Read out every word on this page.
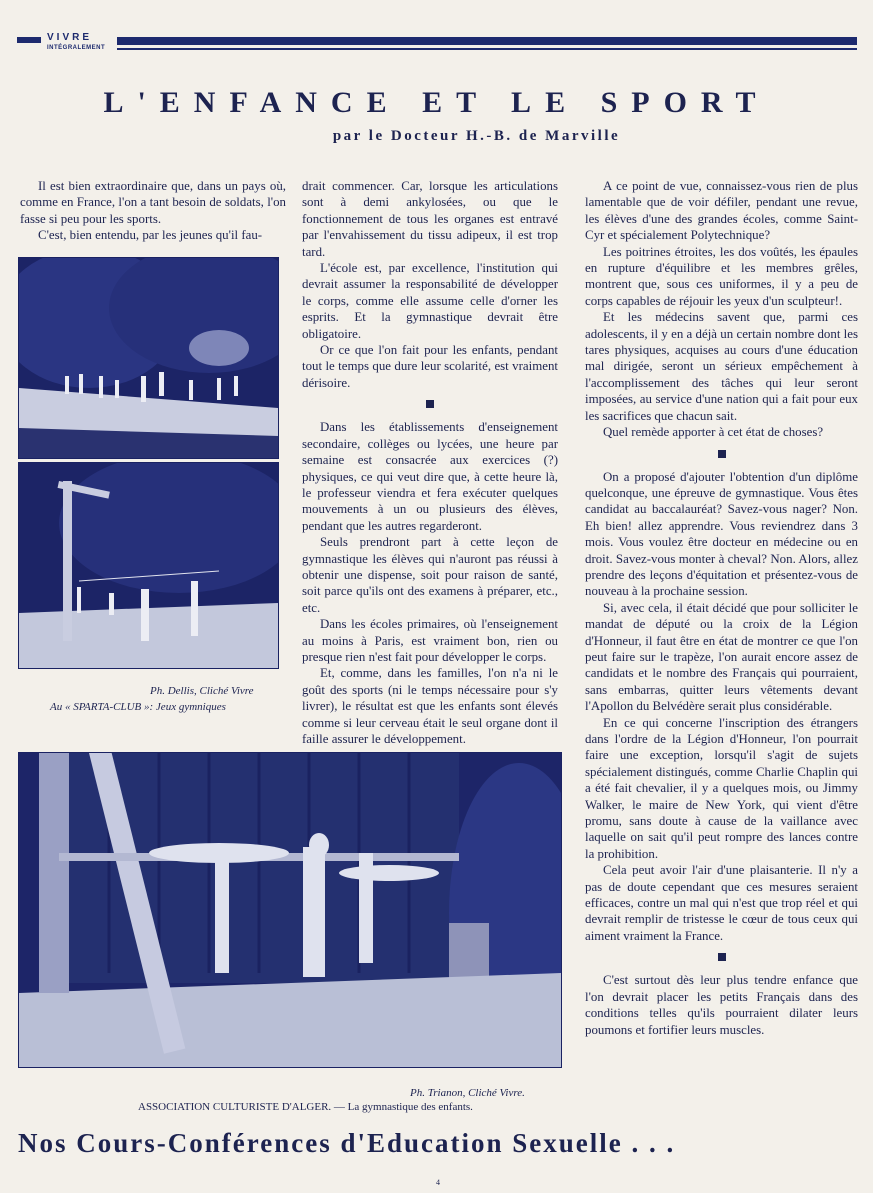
VIVRE
INTÉGRALEMENT
L'ENFANCE ET LE SPORT
par le Docteur H.-B. de Marville

Il est bien extraordinaire que, dans un pays où, comme en France, l'on a tant besoin de soldats, l'on fasse si peu pour les sports.

C'est, bien entendu, par les jeunes qu'il fau-

Ph. Dellis, Cliché Vivre
Au « SPARTA-CLUB »: Jeux gymniques

drait commencer. Car, lorsque les articulations sont à demi ankylosées, ou que le fonctionnement de tous les organes est entravé par l'envahissement du tissu adipeux, il est trop tard.

L'école est, par excellence, l'institution qui devrait assumer la responsabilité de développer le corps, comme elle assume celle d'orner les esprits. Et la gymnastique devrait être obligatoire.

Or ce que l'on fait pour les enfants, pendant tout le temps que dure leur scolarité, est vraiment dérisoire.

Dans les établissements d'enseignement secondaire, collèges ou lycées, une heure par semaine est consacrée aux exercices (?) physiques, ce qui veut dire que, à cette heure là, le professeur viendra et fera exécuter quelques mouvements à un ou plusieurs des élèves, pendant que les autres regarderont.

Seuls prendront part à cette leçon de gymnastique les élèves qui n'auront pas réussi à obtenir une dispense, soit pour raison de santé, soit parce qu'ils ont des examens à préparer, etc., etc.

Dans les écoles primaires, où l'enseignement au moins à Paris, est vraiment bon, rien ou presque rien n'est fait pour développer le corps.

Et, comme, dans les familles, l'on n'a ni le goût des sports (ni le temps nécessaire pour s'y livrer), le résultat est que les enfants sont élevés comme si leur cerveau était le seul organe dont il faille assurer le développement.

Ph. Trianon, Cliché Vivre.
ASSOCIATION CULTURISTE D'ALGER. — La gymnastique des enfants.

A ce point de vue, connaissez-vous rien de plus lamentable que de voir défiler, pendant une revue, les élèves d'une des grandes écoles, comme Saint-Cyr et spécialement Polytechnique?

Les poitrines étroites, les dos voûtés, les épaules en rupture d'équilibre et les membres grêles, montrent que, sous ces uniformes, il y a peu de corps capables de réjouir les yeux d'un sculpteur!.

Et les médecins savent que, parmi ces adolescents, il y en a déjà un certain nombre dont les tares physiques, acquises au cours d'une éducation mal dirigée, seront un sérieux empêchement à l'accomplissement des tâches qui leur seront imposées, au service d'une nation qui a fait pour eux les sacrifices que chacun sait.

Quel remède apporter à cet état de choses?

On a proposé d'ajouter l'obtention d'un diplôme quelconque, une épreuve de gymnastique. Vous êtes candidat au baccalauréat? Savez-vous nager? Non. Eh bien! allez apprendre. Vous reviendrez dans 3 mois. Vous voulez être docteur en médecine ou en droit. Savez-vous monter à cheval? Non. Alors, allez prendre des leçons d'équitation et présentez-vous de nouveau à la prochaine session.

Si, avec cela, il était décidé que pour solliciter le mandat de député ou la croix de la Légion d'Honneur, il faut être en état de montrer ce que l'on peut faire sur le trapèze, l'on aurait encore assez de candidats et le nombre des Français qui pourraient, sans embarras, quitter leurs vêtements devant l'Apollon du Belvédère serait plus considérable.

En ce qui concerne l'inscription des étrangers dans l'ordre de la Légion d'Honneur, l'on pourrait faire une exception, lorsqu'il s'agit de sujets spécialement distingués, comme Charlie Chaplin qui a été fait chevalier, il y a quelques mois, ou Jimmy Walker, le maire de New York, qui vient d'être promu, sans doute à cause de la vaillance avec laquelle on sait qu'il peut rompre des lances contre la prohibition.

Cela peut avoir l'air d'une plaisanterie. Il n'y a pas de doute cependant que ces mesures seraient efficaces, contre un mal qui n'est que trop réel et qui devrait remplir de tristesse le cœur de tous ceux qui aiment vraiment la France.

C'est surtout dès leur plus tendre enfance que l'on devrait placer les petits Français dans des conditions telles qu'ils pourraient dilater leurs poumons et fortifier leurs muscles.

Nos Cours-Conférences d'Education Sexuelle . . .
4
